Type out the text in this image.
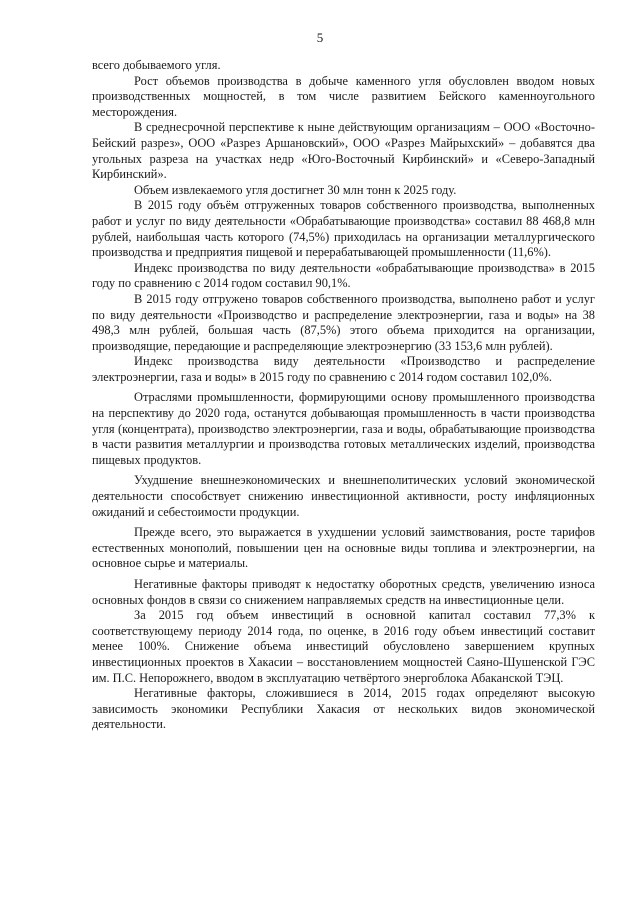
5

всего добываемого угля.

Рост объемов производства в добыче каменного угля обусловлен вводом новых производственных мощностей, в том числе развитием Бейского каменноугольного месторождения.

В среднесрочной перспективе к ныне действующим организациям – ООО «Восточно-Бейский разрез», ООО «Разрез Аршановский», ООО «Разрез Майрыхский» – добавятся два угольных разреза на участках недр «Юго-Восточный Кирбинский» и «Северо-Западный Кирбинский».

Объем извлекаемого угля достигнет 30 млн тонн к 2025 году.

В 2015 году объём отгруженных товаров собственного производства, выполненных работ и услуг по виду деятельности «Обрабатывающие производства» составил 88 468,8 млн рублей, наибольшая часть которого (74,5%) приходилась на организации металлургического производства и предприятия пищевой и перерабатывающей промышленности (11,6%).

Индекс производства по виду деятельности «обрабатывающие производства» в 2015 году по сравнению с 2014 годом составил 90,1%.

В 2015 году отгружено товаров собственного производства, выполнено работ и услуг по виду деятельности «Производство и распределение электроэнергии, газа и воды» на 38 498,3 млн рублей, большая часть (87,5%) этого объема приходится на организации, производящие, передающие и распределяющие электроэнергию (33 153,6 млн рублей).

Индекс производства виду деятельности «Производство и распределение электроэнергии, газа и воды» в 2015 году по сравнению с 2014 годом составил 102,0%.

Отраслями промышленности, формирующими основу промышленного производства на перспективу до 2020 года, останутся добывающая промышленность в части производства угля (концентрата), производство электроэнергии, газа и воды, обрабатывающие производства в части развития металлургии и производства готовых металлических изделий, производства пищевых продуктов.

Ухудшение внешнеэкономических и внешнеполитических условий экономической деятельности способствует снижению инвестиционной активности, росту инфляционных ожиданий и себестоимости продукции.

Прежде всего, это выражается в ухудшении условий заимствования, росте тарифов естественных монополий, повышении цен на основные виды топлива и электроэнергии, на основное сырье и материалы.

Негативные факторы приводят к недостатку оборотных средств, увеличению износа основных фондов в связи со снижением направляемых средств на инвестиционные цели.

За 2015 год объем инвестиций в основной капитал составил 77,3% к соответствующему периоду 2014 года, по оценке, в 2016 году объем инвестиций составит менее 100%. Снижение объема инвестиций обусловлено завершением крупных инвестиционных проектов в Хакасии – восстановлением мощностей Саяно-Шушенской ГЭС им. П.С. Непорожнего, вводом в эксплуатацию четвёртого энергоблока Абаканской ТЭЦ.

Негативные факторы, сложившиеся в 2014, 2015 годах определяют высокую зависимость экономики Республики Хакасия от нескольких видов экономической деятельности.
